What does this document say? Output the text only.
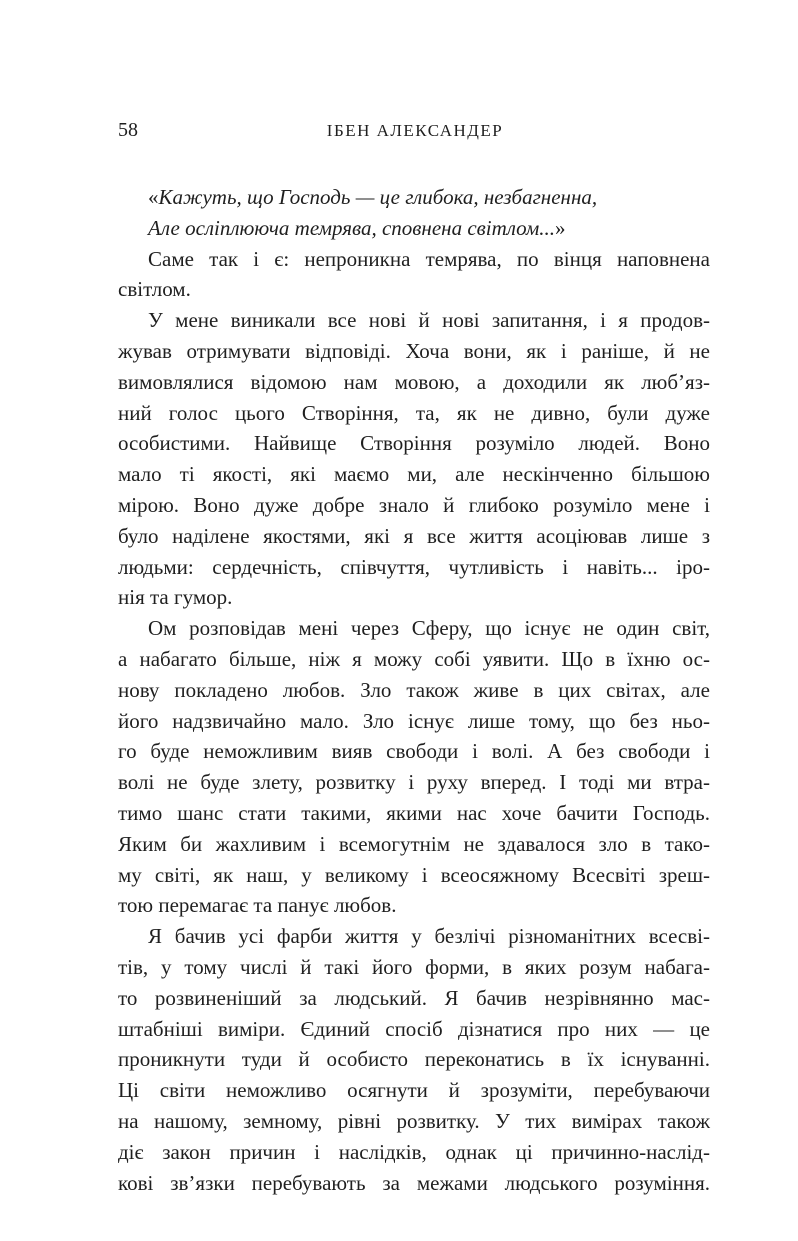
58	ІБЕН АЛЕКСАНДЕР
«Кажуть, що Господь — це глибока, незбагненна,
Але осліплююча темрява, сповнена світлом...»
Саме так і є: непроникна темрява, по вінця наповнена
світлом.
У мене виникали все нові й нові запитання, і я продов-
жував отримувати відповіді. Хоча вони, як і раніше, й не
вимовлялися відомою нам мовою, а доходили як люб’яз-
ний голос цього Створіння, та, як не дивно, були дуже
особистими. Найвище Створіння розуміло людей. Воно
мало ті якості, які маємо ми, але нескінченно більшою
мірою. Воно дуже добре знало й глибоко розуміло мене і
було наділене якостями, які я все життя асоціював лише з
людьми: сердечність, співчуття, чутливість і навіть... іро-
нія та гумор.
Ом розповідав мені через Сферу, що існує не один світ,
а набагато більше, ніж я можу собі уявити. Що в їхню ос-
нову покладено любов. Зло також живе в цих світах, але
його надзвичайно мало. Зло існує лише тому, що без ньо-
го буде неможливим вияв свободи і волі. А без свободи і
волі не буде злету, розвитку і руху вперед. І тоді ми втра-
тимо шанс стати такими, якими нас хоче бачити Господь.
Яким би жахливим і всемогутнім не здавалося зло в тако-
му світі, як наш, у великому і всеосяжному Всесвіті зреш-
тою перемагає та панує любов.
Я бачив усі фарби життя у безлічі різноманітних всесві-
тів, у тому числі й такі його форми, в яких розум набага-
то розвиненіший за людський. Я бачив незрівнянно мас-
штабніші виміри. Єдиний спосіб дізнатися про них — це
проникнути туди й особисто переконатись в їх існуванні.
Ці світи неможливо осягнути й зрозуміти, перебуваючи
на нашому, земному, рівні розвитку. У тих вимірах також
діє закон причин і наслідків, однак ці причинно-наслід-
кові зв’язки перебувають за межами людського розуміння.
